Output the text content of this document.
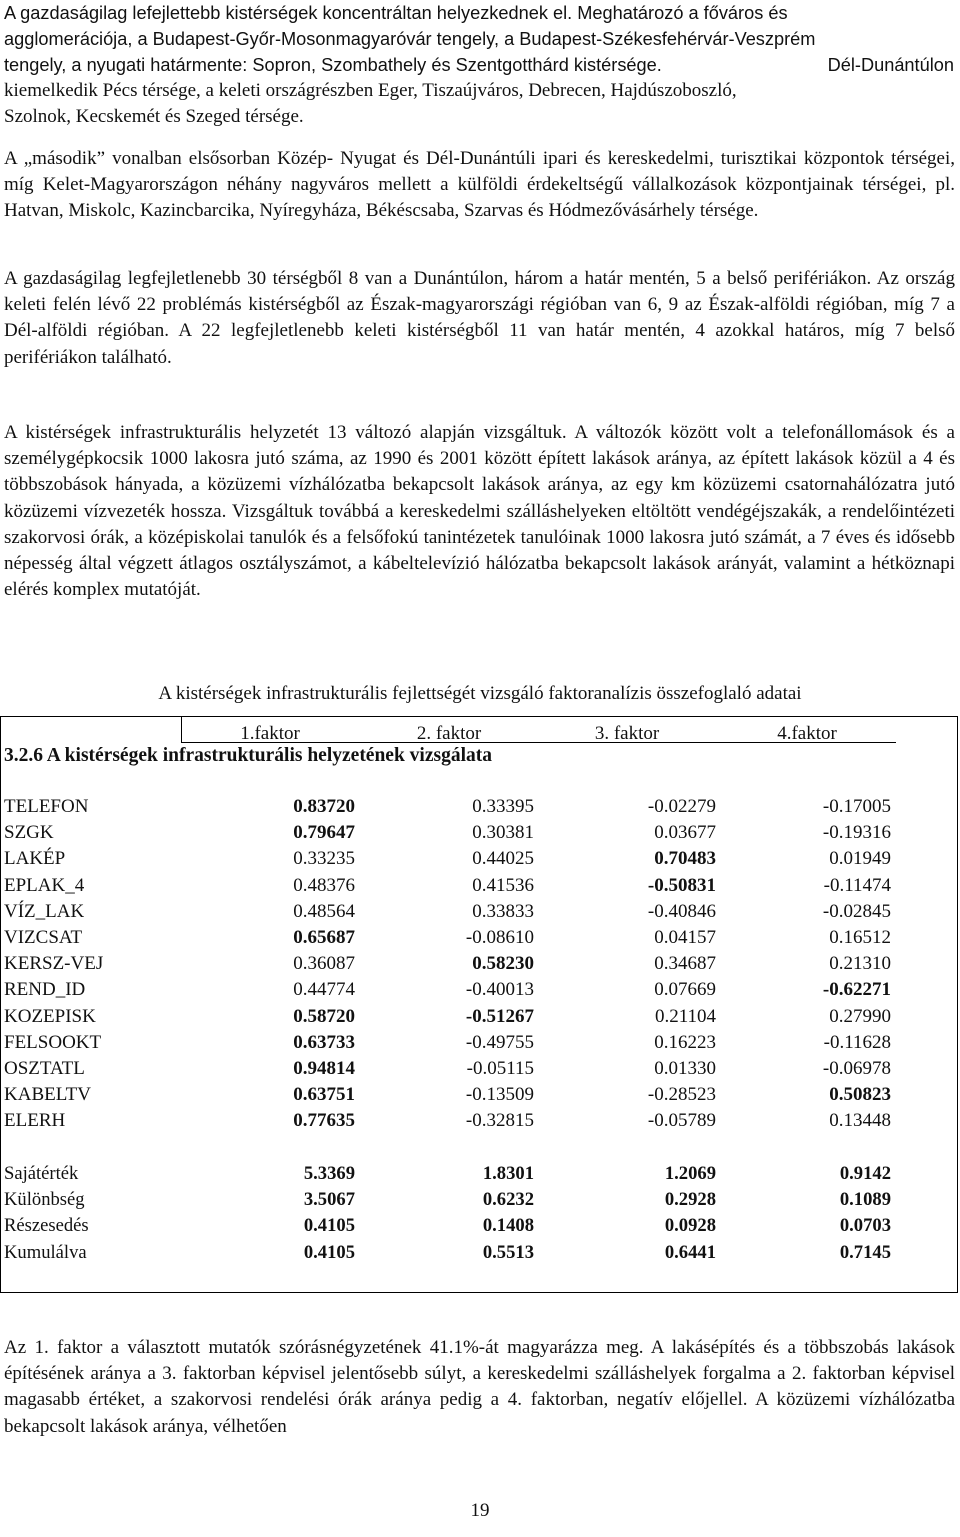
A gazdaságilag lefejlettebb kistérségek koncentráltan helyezkednek el. Meghatározó a főváros és
agglomerációja, a Budapest-Győr-Mosonmagyaróvár tengely, a Budapest-Székesfehérvár-Veszprém
tengely, a nyugati határmente: Sopron, Szombathely és Szentgotthárd kistérsége.	Dél-Dunántúlon
kiemelkedik Pécs térsége, a keleti országrészben Eger, Tiszaújváros, Debrecen, Hajdúszoboszló,
Szolnok, Kecskemét és Szeged térsége.

A „második” vonalban elsősorban Közép- Nyugat és Dél-Dunántúli ipari és kereskedelmi, turisztikai központok térségei, míg Kelet-Magyarországon néhány nagyváros mellett a külföldi érdekeltségű vállalkozások központjainak térségei, pl. Hatvan, Miskolc, Kazincbarcika, Nyíregyháza, Békéscsaba, Szarvas és Hódmezővásárhely térsége.

A gazdaságilag legfejletlenebb 30 térségből 8 van a Dunántúlon, három a határ mentén, 5 a belső perifériákon. Az ország keleti felén lévő 22 problémás kistérségből az Észak-magyarországi régióban van 6, 9 az Észak-alföldi régióban, míg 7 a Dél-alföldi régióban. A 22 legfejletlenebb keleti kistérségből 11 van határ mentén, 4 azokkal határos, míg 7 belső perifériákon található.

3.2.6 A kistérségek infrastrukturális helyzetének vizsgálata

A kistérségek infrastrukturális helyzetét 13 változó alapján vizsgáltuk. A változók között volt a telefonállomások és a személygépkocsik 1000 lakosra jutó száma, az 1990 és 2001 között épített lakások aránya, az épített lakások közül a 4 és többszobások hányada, a közüzemi vízhálózatba bekapcsolt lakások aránya, az egy km közüzemi csatornahálózatra jutó közüzemi vízvezeték hossza. Vizsgáltuk továbbá a kereskedelmi szálláshelyeken eltöltött vendégéjszakák, a rendelőintézeti szakorvosi órák, a középiskolai tanulók és a felsőfokú tanintézetek tanulóinak 1000 lakosra jutó számát, a 7 éves és idősebb népesség által végzett átlagos osztályszámot, a kábeltelevízió hálózatba bekapcsolt lakások arányát, valamint a hétköznapi elérés komplex mutatóját.

A kistérségek infrastrukturális fejlettségét vizsgáló faktoranalízis összefoglaló adatai
1.faktor	2. faktor	3. faktor	4.faktor
TELEFON	0.83720	0.33395	-0.02279	-0.17005
SZGK	0.79647	0.30381	0.03677	-0.19316
LAKÉP	0.33235	0.44025	0.70483	0.01949
EPLAK_4	0.48376	0.41536	-0.50831	-0.11474
VÍZ_LAK	0.48564	0.33833	-0.40846	-0.02845
VIZCSAT	0.65687	-0.08610	0.04157	0.16512
KERSZ-VEJ	0.36087	0.58230	0.34687	0.21310
REND_ID	0.44774	-0.40013	0.07669	-0.62271
KOZEPISK	0.58720	-0.51267	0.21104	0.27990
FELSOOKT	0.63733	-0.49755	0.16223	-0.11628
OSZTATL	0.94814	-0.05115	0.01330	-0.06978
KABELTV	0.63751	-0.13509	-0.28523	0.50823
ELERH	0.77635	-0.32815	-0.05789	0.13448
Sajátérték	5.3369	1.8301	1.2069	0.9142
Különbség	3.5067	0.6232	0.2928	0.1089
Részesedés	0.4105	0.1408	0.0928	0.0703
Kumulálva	0.4105	0.5513	0.6441	0.7145

Az 1. faktor a választott mutatók szórásnégyzetének 41.1%-át magyarázza meg. A lakásépítés és a többszobás lakások építésének aránya a 3. faktorban képvisel jelentősebb súlyt, a kereskedelmi szálláshelyek forgalma a 2. faktorban képvisel magasabb értéket, a szakorvosi rendelési órák aránya pedig a 4. faktorban, negatív előjellel. A közüzemi vízhálózatba bekapcsolt lakások aránya, vélhetően

19
